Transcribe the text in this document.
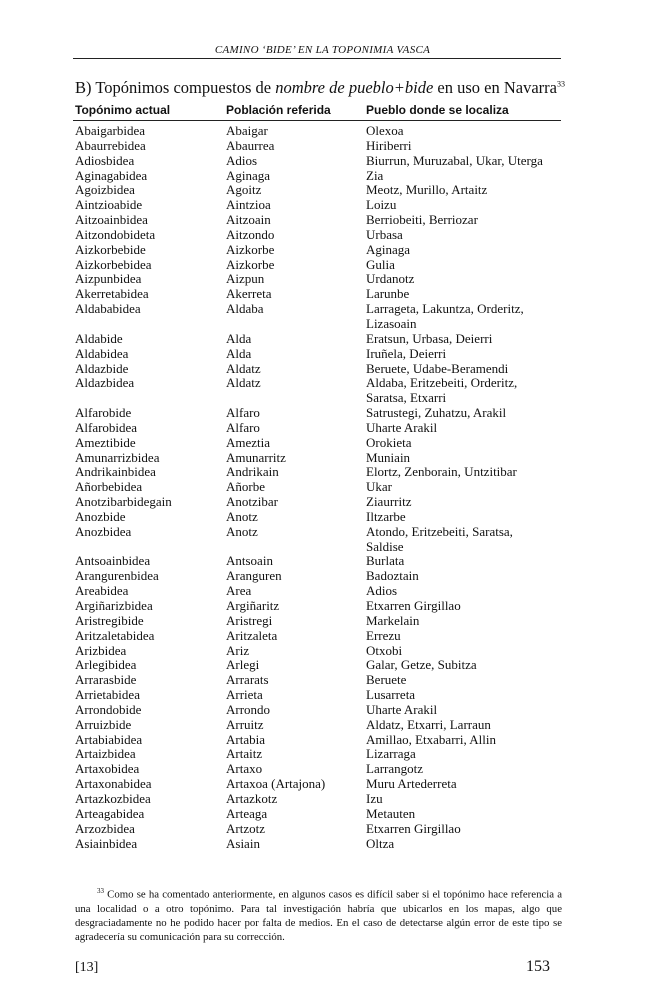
CAMINO ‘BIDE’ EN LA TOPONIMIA VASCA
B) Topónimos compuestos de nombre de pueblo+bide en uso en Navarra$^{33}$
Topónimo actual	Población referida	Pueblo donde se localiza
Abaigarbidea	Abaigar	Olexoa
Abaurrebidea	Abaurrea	Hiriberri
Adiosbidea	Adios	Biurrun, Muruzabal, Ukar, Uterga
Aginagabidea	Aginaga	Zia
Agoizbidea	Agoitz	Meotz, Murillo, Artaitz
Aintzioabide	Aintzioa	Loizu
Aitzoainbidea	Aitzoain	Berriobeiti, Berriozar
Aitzondobideta	Aitzondo	Urbasa
Aizkorbebide	Aizkorbe	Aginaga
Aizkorbebidea	Aizkorbe	Gulia
Aizpunbidea	Aizpun	Urdanotz
Akerretabidea	Akerreta	Larunbe
Aldababidea	Aldaba	Larrageta, Lakuntza, Orderitz,
Lizasoain
Aldabide	Alda	Eratsun, Urbasa, Deierri
Aldabidea	Alda	Iruñela, Deierri
Aldazbide	Aldatz	Beruete, Udabe-Beramendi
Aldazbidea	Aldatz	Aldaba, Eritzebeiti, Orderitz,
Saratsa, Etxarri
Alfarobide	Alfaro	Satrustegi, Zuhatzu, Arakil
Alfarobidea	Alfaro	Uharte Arakil
Ameztibide	Ameztia	Orokieta
Amunarrizbidea	Amunarritz	Muniain
Andrikainbidea	Andrikain	Elortz, Zenborain, Untzitibar
Añorbebidea	Añorbe	Ukar
Anotzibarbidegain	Anotzibar	Ziaurritz
Anozbide	Anotz	Iltzarbe
Anozbidea	Anotz	Atondo, Eritzebeiti, Saratsa,
Saldise
Antsoainbidea	Antsoain	Burlata
Arangurenbidea	Aranguren	Badoztain
Areabidea	Area	Adios
Argiñarizbidea	Argiñaritz	Etxarren Girgillao
Aristregibide	Aristregi	Markelain
Aritzaletabidea	Aritzaleta	Errezu
Arizbidea	Ariz	Otxobi
Arlegibidea	Arlegi	Galar, Getze, Subitza
Arrarasbide	Arrarats	Beruete
Arrietabidea	Arrieta	Lusarreta
Arrondobide	Arrondo	Uharte Arakil
Arruizbide	Arruitz	Aldatz, Etxarri, Larraun
Artabiabidea	Artabia	Amillao, Etxabarri, Allin
Artaizbidea	Artaitz	Lizarraga
Artaxobidea	Artaxo	Larrangotz
Artaxonabidea	Artaxoa (Artajona)	Muru Artederreta
Artazkozbidea	Artazkotz	Izu
Arteagabidea	Arteaga	Metauten
Arzozbidea	Artzotz	Etxarren Girgillao
Asiainbidea	Asiain	Oltza
$^{33}$ Como se ha comentado anteriormente, en algunos casos es difícil saber si el topónimo hace referencia a una localidad o a otro topónimo. Para tal investigación habría que ubicarlos en los mapas, algo que desgraciadamente no he podido hacer por falta de medios. En el caso de detectarse algún error de este tipo se agradecería su comunicación para su corrección.
[13]	153
